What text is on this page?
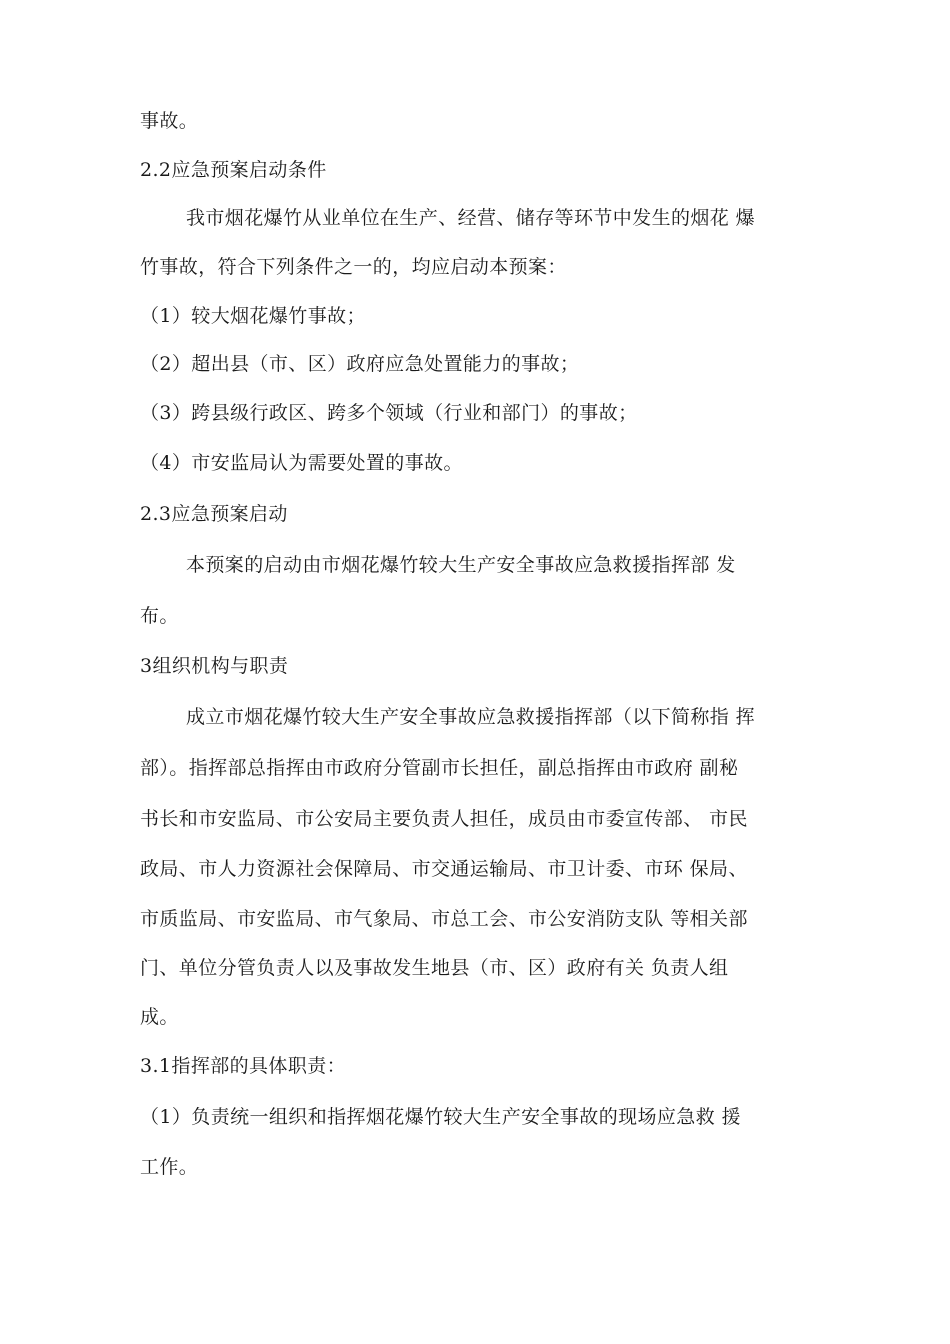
事故。
2.2应急预案启动条件
我市烟花爆竹从业单位在生产、经营、储存等环节中发生的烟花 爆
竹事故，符合下列条件之一的，均应启动本预案：
（1）较大烟花爆竹事故；
（2）超出县（市、区）政府应急处置能力的事故；
（3）跨县级行政区、跨多个领域（行业和部门）的事故；
（4）市安监局认为需要处置的事故。
2.3应急预案启动
本预案的启动由市烟花爆竹较大生产安全事故应急救援指挥部 发
布。
3组织机构与职责
成立市烟花爆竹较大生产安全事故应急救援指挥部（以下简称指 挥
部）。指挥部总指挥由市政府分管副市长担任，副总指挥由市政府 副秘
书长和市安监局、市公安局主要负责人担任，成员由市委宣传部、 市民
政局、市人力资源社会保障局、市交通运输局、市卫计委、市环 保局、
市质监局、市安监局、市气象局、市总工会、市公安消防支队 等相关部
门、单位分管负责人以及事故发生地县（市、区）政府有关 负责人组
成。
3.1指挥部的具体职责：
（1）负责统一组织和指挥烟花爆竹较大生产安全事故的现场应急救 援
工作。
